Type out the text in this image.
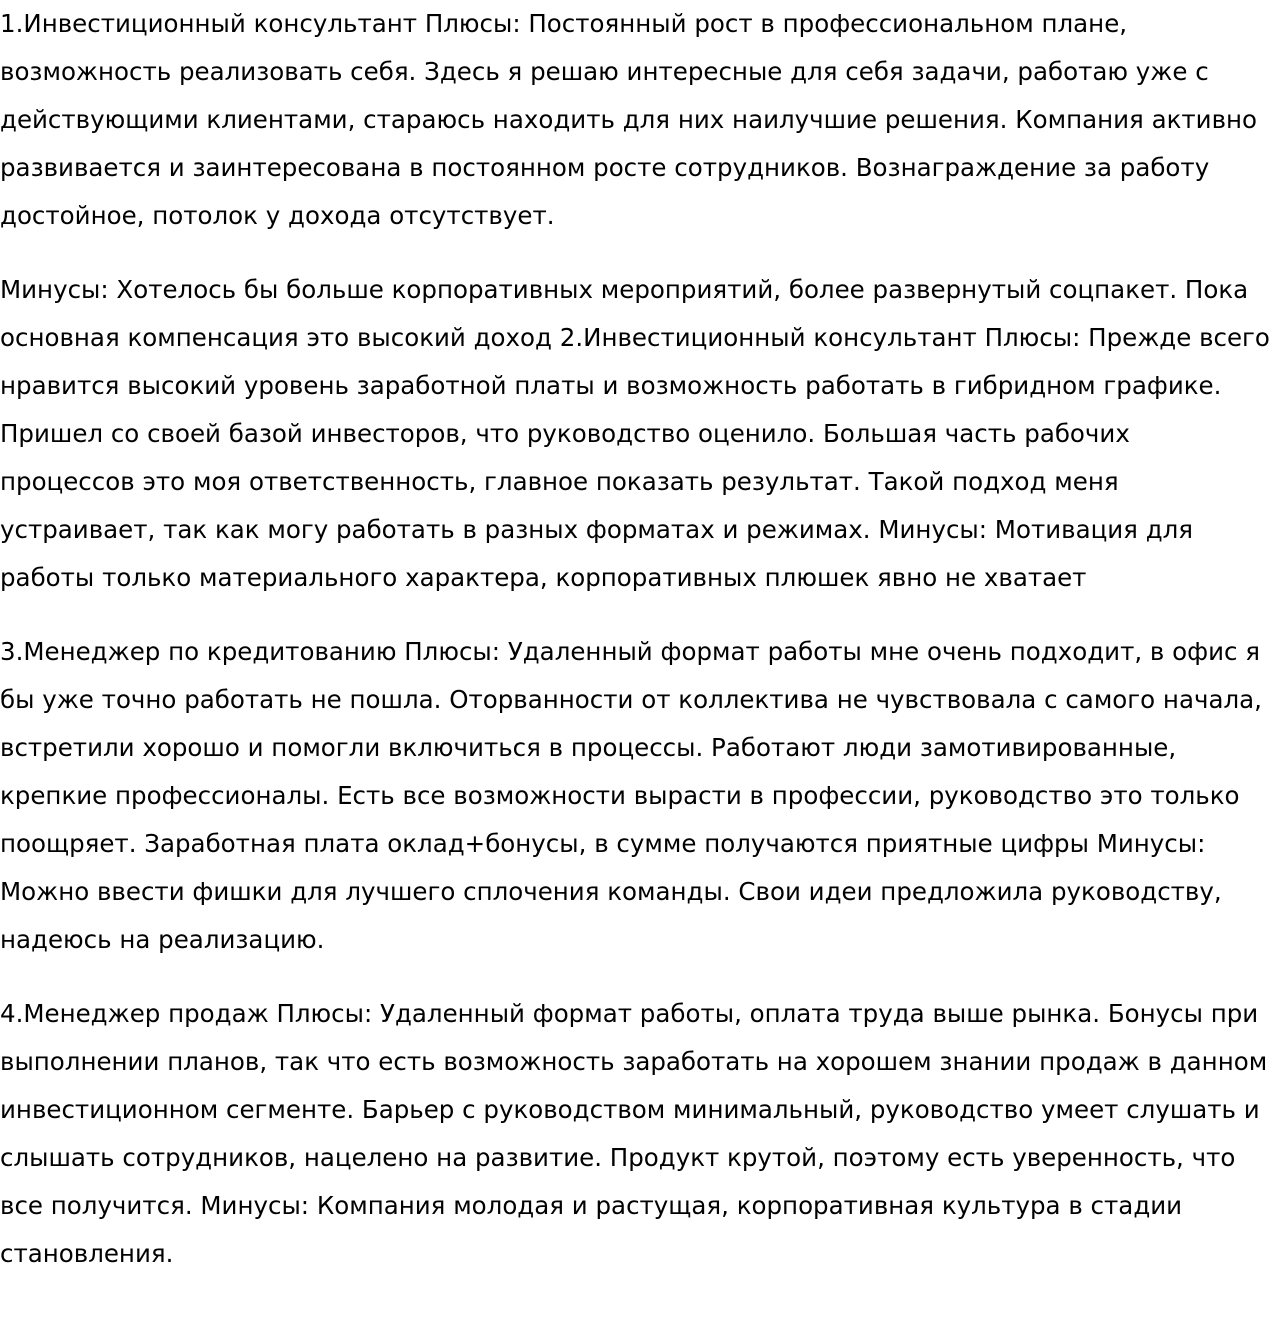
1.Инвестиционный консультант Плюсы: Постоянный рост в профессиональном плане, возможность реализовать себя. Здесь я решаю интересные для себя задачи, работаю уже с действующими клиентами, стараюсь находить для них наилучшие решения. Компания активно развивается и заинтересована в постоянном росте сотрудников. Вознаграждение за работу достойное, потолок у дохода отсутствует.

Минусы: Хотелось бы больше корпоративных мероприятий, более развернутый соцпакет. Пока основная компенсация это высокий доход 2.Инвестиционный консультант Плюсы: Прежде всего нравится высокий уровень заработной платы и возможность работать в гибридном графике. Пришел со своей базой инвесторов, что руководство оценило. Большая часть рабочих процессов это моя ответственность, главное показать результат. Такой подход меня устраивает, так как могу работать в разных форматах и режимах. Минусы: Мотивация для работы только материального характера, корпоративных плюшек явно не хватает

3.Менеджер по кредитованию Плюсы: Удаленный формат работы мне очень подходит, в офис я бы уже точно работать не пошла. Оторванности от коллектива не чувствовала с самого начала, встретили хорошо и помогли включиться в процессы. Работают люди замотивированные, крепкие профессионалы. Есть все возможности вырасти в профессии, руководство это только поощряет. Заработная плата оклад+бонусы, в сумме получаются приятные цифры Минусы: Можно ввести фишки для лучшего сплочения команды. Свои идеи предложила руководству, надеюсь на реализацию.

4.Менеджер продаж Плюсы: Удаленный формат работы, оплата труда выше рынка. Бонусы при выполнении планов, так что есть возможность заработать на хорошем знании продаж в данном инвестиционном сегменте. Барьер с руководством минимальный, руководство умеет слушать и слышать сотрудников, нацелено на развитие. Продукт крутой, поэтому есть уверенность, что все получится. Минусы: Компания молодая и растущая, корпоративная культура в стадии становления.
